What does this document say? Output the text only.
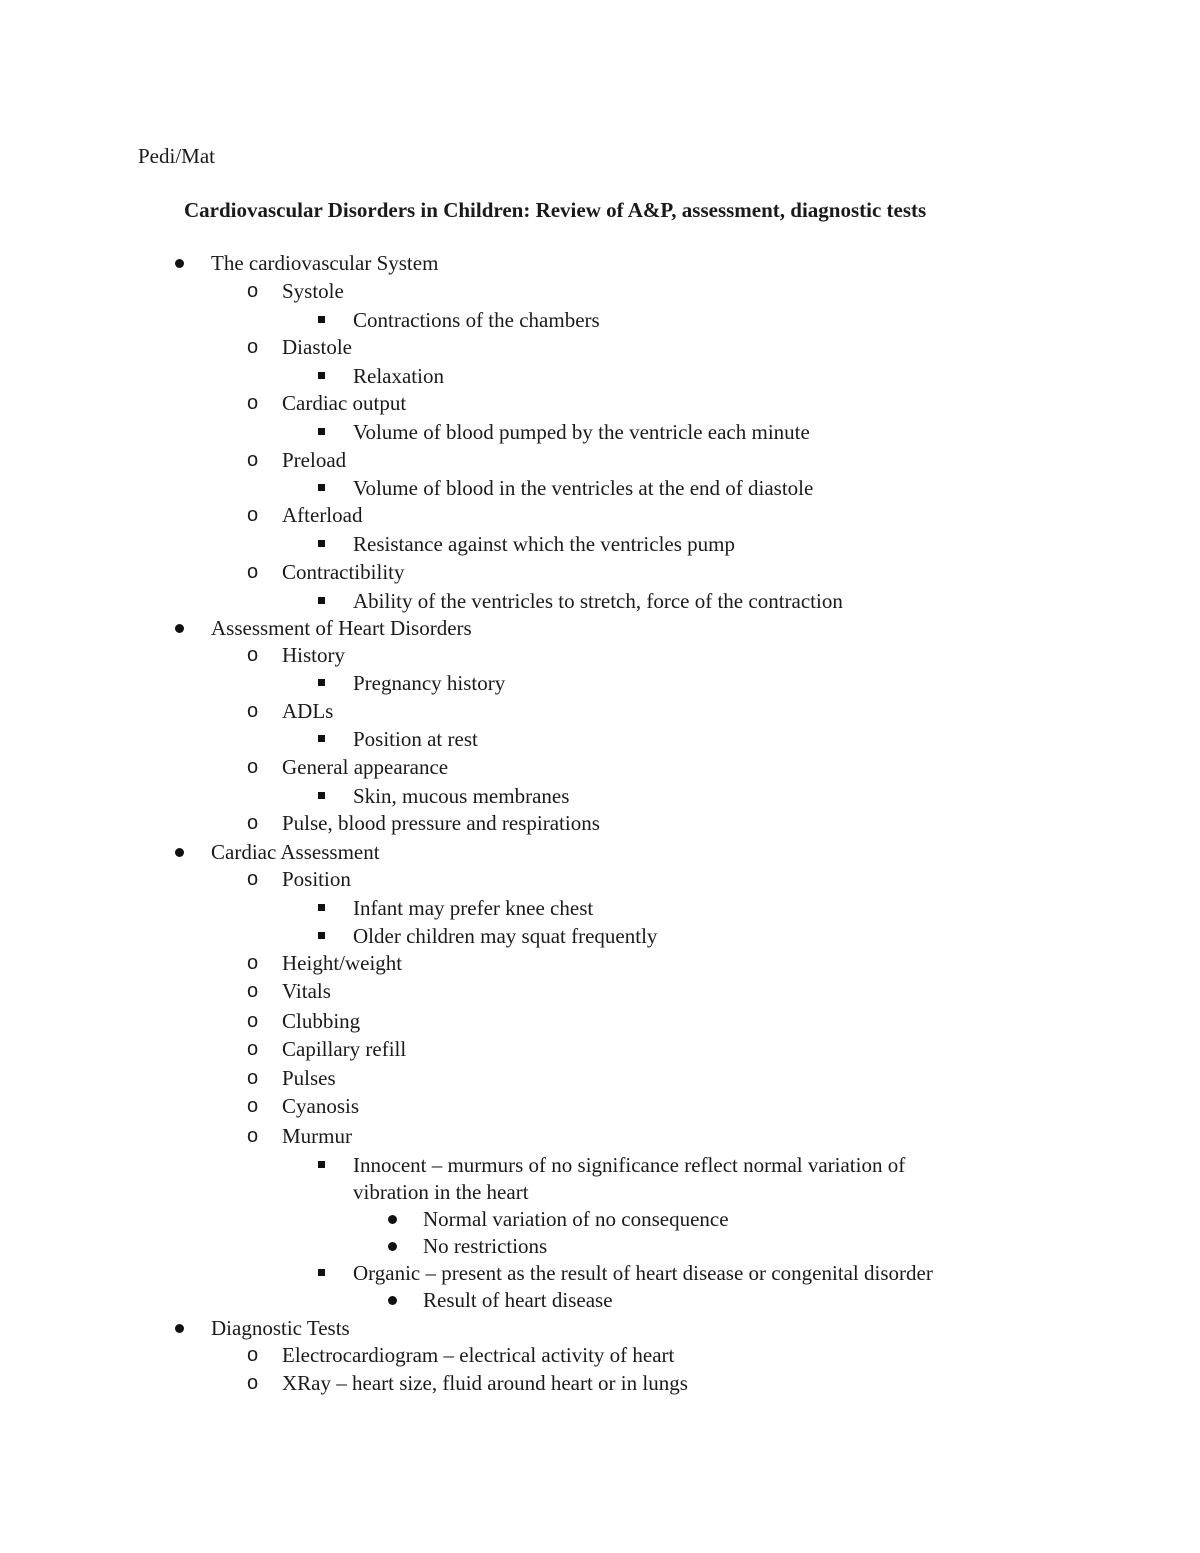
Pedi/Mat
Cardiovascular Disorders in Children: Review of A&P, assessment, diagnostic tests
The cardiovascular System
o Systole
Contractions of the chambers
o Diastole
Relaxation
o Cardiac output
Volume of blood pumped by the ventricle each minute
o Preload
Volume of blood in the ventricles at the end of diastole
o Afterload
Resistance against which the ventricles pump
o Contractibility
Ability of the ventricles to stretch, force of the contraction
Assessment of Heart Disorders
o History
Pregnancy history
o ADLs
Position at rest
o General appearance
Skin, mucous membranes
o Pulse, blood pressure and respirations
Cardiac Assessment
o Position
Infant may prefer knee chest
Older children may squat frequently
o Height/weight
o Vitals
o Clubbing
o Capillary refill
o Pulses
o Cyanosis
o Murmur
Innocent – murmurs of no significance reflect normal variation of
vibration in the heart
Normal variation of no consequence
No restrictions
Organic – present as the result of heart disease or congenital disorder
Result of heart disease
Diagnostic Tests
o Electrocardiogram – electrical activity of heart
o XRay – heart size, fluid around heart or in lungs
